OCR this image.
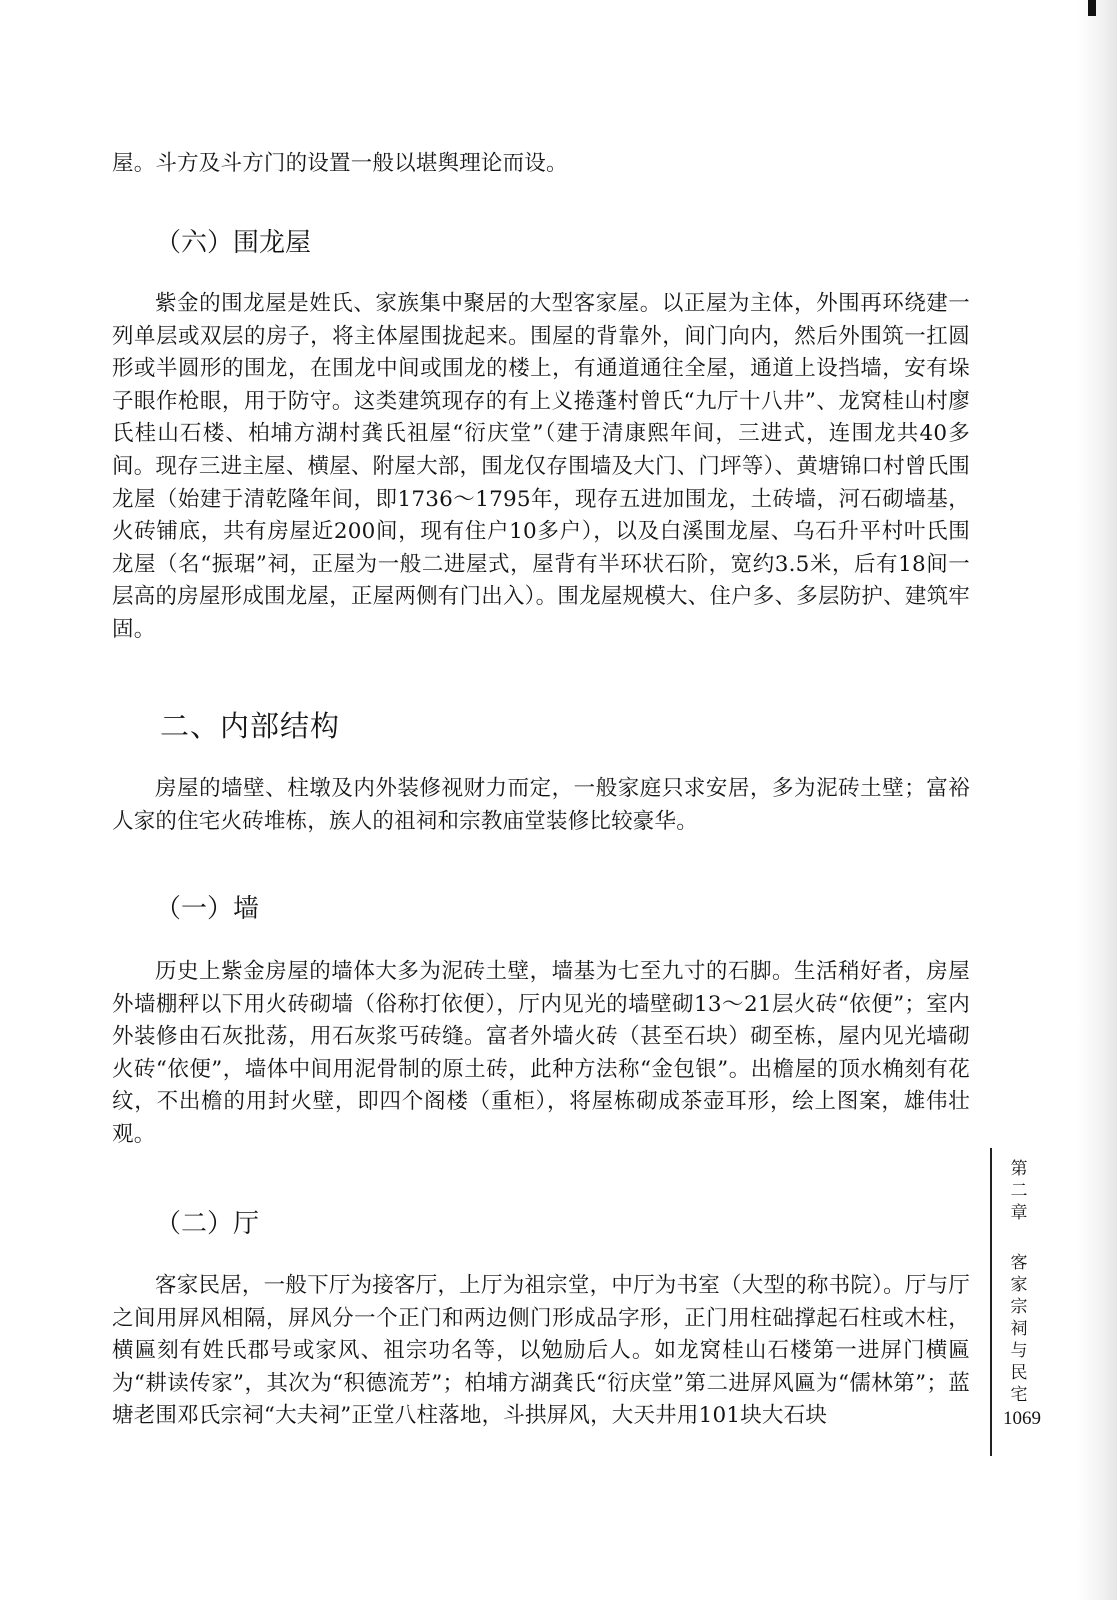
屋。斗方及斗方门的设置一般以堪舆理论而设。

（六）围龙屋

紫金的围龙屋是姓氏、家族集中聚居的大型客家屋。以正屋为主体，外围再环绕建一列单层或双层的房子，将主体屋围拢起来。围屋的背靠外，间门向内，然后外围筑一扛圆形或半圆形的围龙，在围龙中间或围龙的楼上，有通道通往全屋，通道上设挡墙，安有垛子眼作枪眼，用于防守。这类建筑现存的有上义捲蓬村曾氏“九厅十八井”、龙窝桂山村廖氏桂山石楼、柏埔方湖村龚氏祖屋“衍庆堂”（建于清康熙年间，三进式，连围龙共40多间。现存三进主屋、横屋、附屋大部，围龙仅存围墙及大门、门坪等）、黄塘锦口村曾氏围龙屋（始建于清乾隆年间，即1736～1795年，现存五进加围龙，土砖墙，河石砌墙基，火砖铺底，共有房屋近200间，现有住户10多户），以及白溪围龙屋、乌石升平村叶氏围龙屋（名“振琚”祠，正屋为一般二进屋式，屋背有半环状石阶，宽约3.5米，后有18间一层高的房屋形成围龙屋，正屋两侧有门出入）。围龙屋规模大、住户多、多层防护、建筑牢固。

二、内部结构

房屋的墙壁、柱墩及内外装修视财力而定，一般家庭只求安居，多为泥砖土壁；富裕人家的住宅火砖堆栋，族人的祖祠和宗教庙堂装修比较豪华。

（一）墙

历史上紫金房屋的墙体大多为泥砖土壁，墙基为七至九寸的石脚。生活稍好者，房屋外墙棚秤以下用火砖砌墙（俗称打依便），厅内见光的墙壁砌13～21层火砖“依便”；室内外装修由石灰批荡，用石灰浆丐砖缝。富者外墙火砖（甚至石块）砌至栋，屋内见光墙砌火砖“依便”，墙体中间用泥骨制的原土砖，此种方法称“金包银”。出檐屋的顶水桷刻有花纹，不出檐的用封火壁，即四个阁楼（重柜），将屋栋砌成茶壶耳形，绘上图案，雄伟壮观。

（二）厅

客家民居，一般下厅为接客厅，上厅为祖宗堂，中厅为书室（大型的称书院）。厅与厅之间用屏风相隔，屏风分一个正门和两边侧门形成品字形，正门用柱础撑起石柱或木柱，横匾刻有姓氏郡号或家风、祖宗功名等，以勉励后人。如龙窝桂山石楼第一进屏门横匾为“耕读传家”，其次为“积德流芳”；柏埔方湖龚氏“衍庆堂”第二进屏风匾为“儒林第”；蓝塘老围邓氏宗祠“大夫祠”正堂八柱落地，斗拱屏风，大天井用101块大石块

第二章
客家宗祠与民宅
1069
